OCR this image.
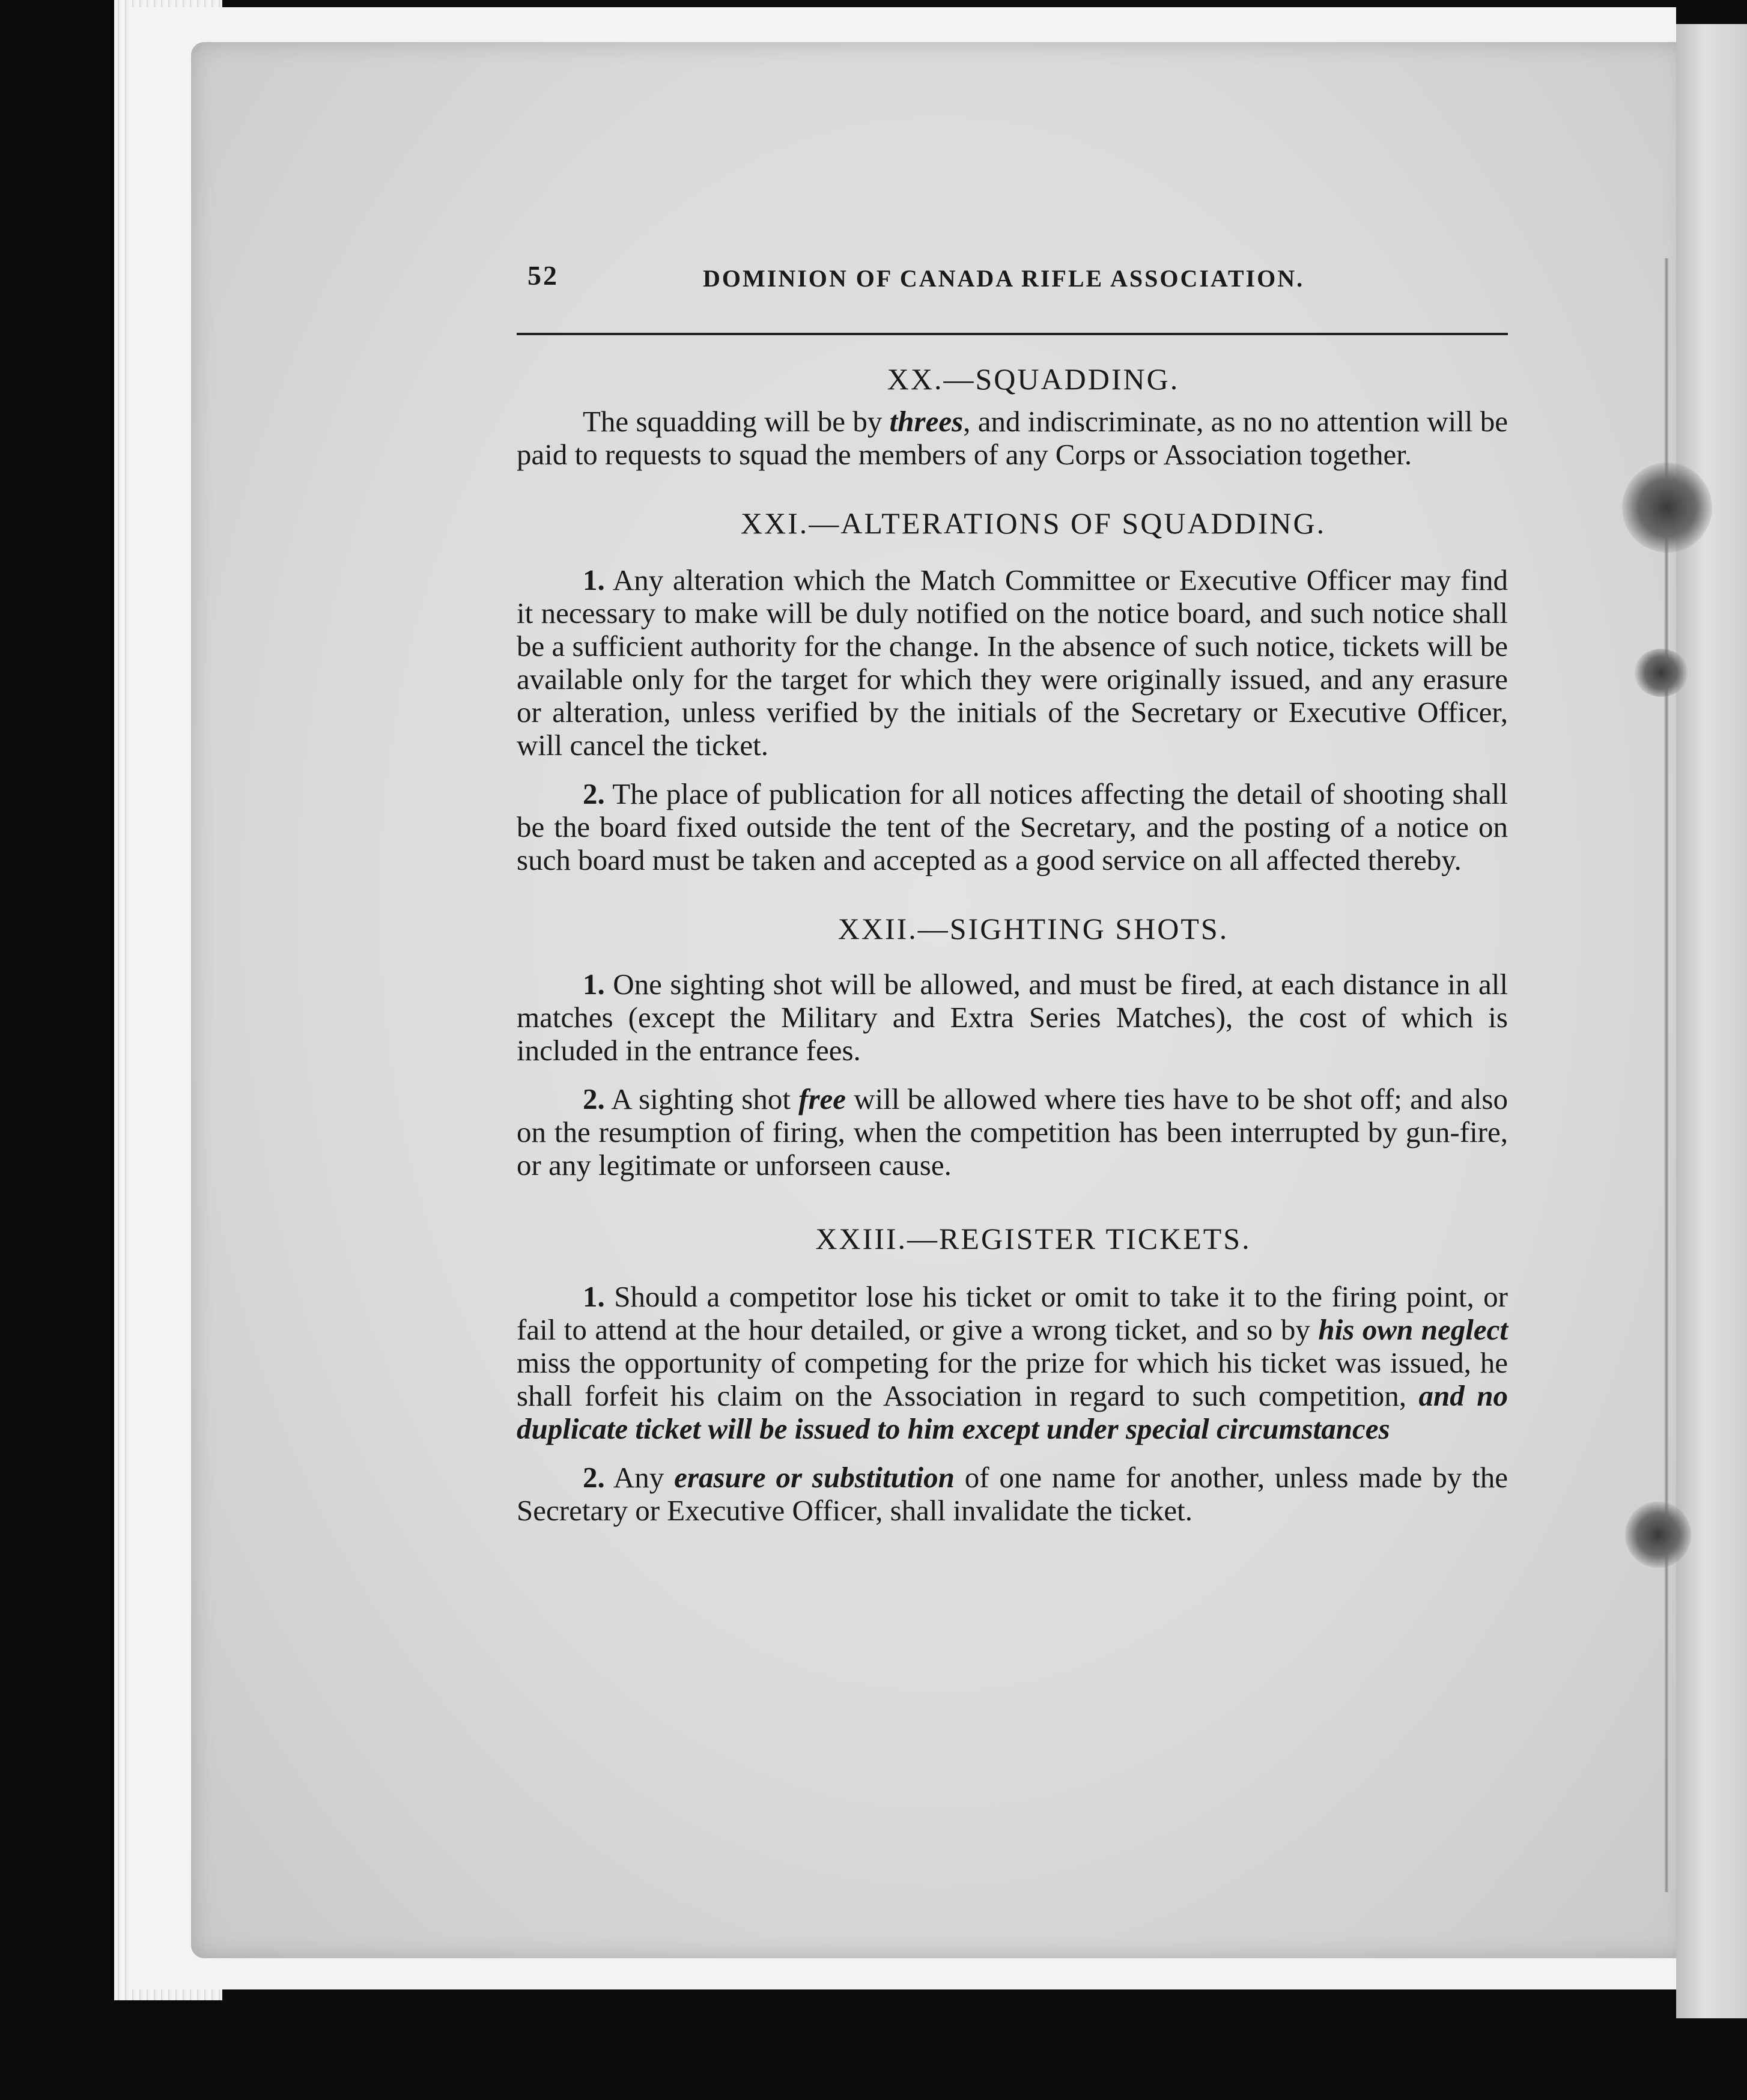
52	DOMINION OF CANADA RIFLE ASSOCIATION.
XX.—SQUADDING.

The squadding will be by threes, and indiscriminate, as no no attention will be paid to requests to squad the members of any Corps or Association together.

XXI.—ALTERATIONS OF SQUADDING.

1. Any alteration which the Match Committee or Executive Officer may find it necessary to make will be duly notified on the notice board, and such notice shall be a sufficient authority for the change. In the absence of such notice, tickets will be available only for the target for which they were originally issued, and any erasure or alteration, unless verified by the initials of the Secretary or Executive Officer, will cancel the ticket.

2. The place of publication for all notices affecting the detail of shooting shall be the board fixed outside the tent of the Secretary, and the posting of a notice on such board must be taken and accepted as a good service on all affected thereby.

XXII.—SIGHTING SHOTS.

1. One sighting shot will be allowed, and must be fired, at each distance in all matches (except the Military and Extra Series Matches), the cost of which is included in the entrance fees.

2. A sighting shot free will be allowed where ties have to be shot off; and also on the resumption of firing, when the competition has been interrupted by gun-fire, or any legitimate or unforseen cause.

XXIII.—REGISTER TICKETS.

1. Should a competitor lose his ticket or omit to take it to the firing point, or fail to attend at the hour detailed, or give a wrong ticket, and so by his own neglect miss the opportunity of competing for the prize for which his ticket was issued, he shall forfeit his claim on the Association in regard to such competition, and no duplicate ticket will be issued to him except under special circumstances

2. Any erasure or substitution of one name for another, unless made by the Secretary or Executive Officer, shall invalidate the ticket.
